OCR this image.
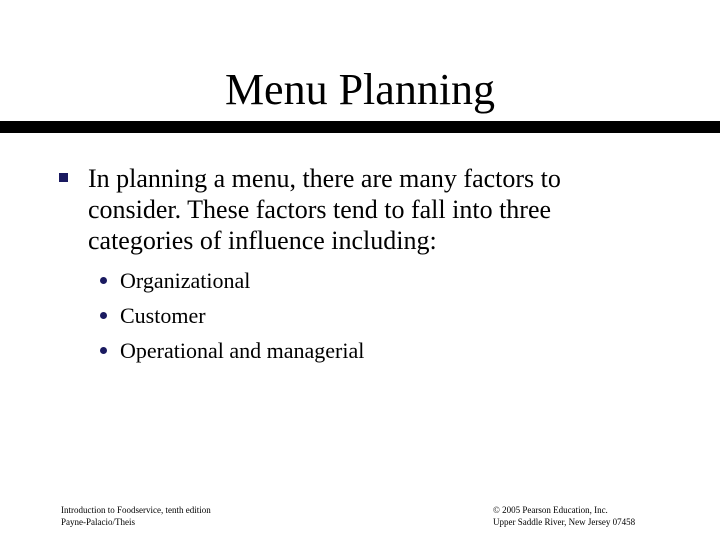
Menu Planning
In planning a menu, there are many factors to consider. These factors tend to fall into three categories of influence including:
Organizational
Customer
Operational and managerial
Introduction to Foodservice, tenth edition
Payne-Palacio/Theis
© 2005 Pearson Education, Inc.
Upper Saddle River, New Jersey 07458
